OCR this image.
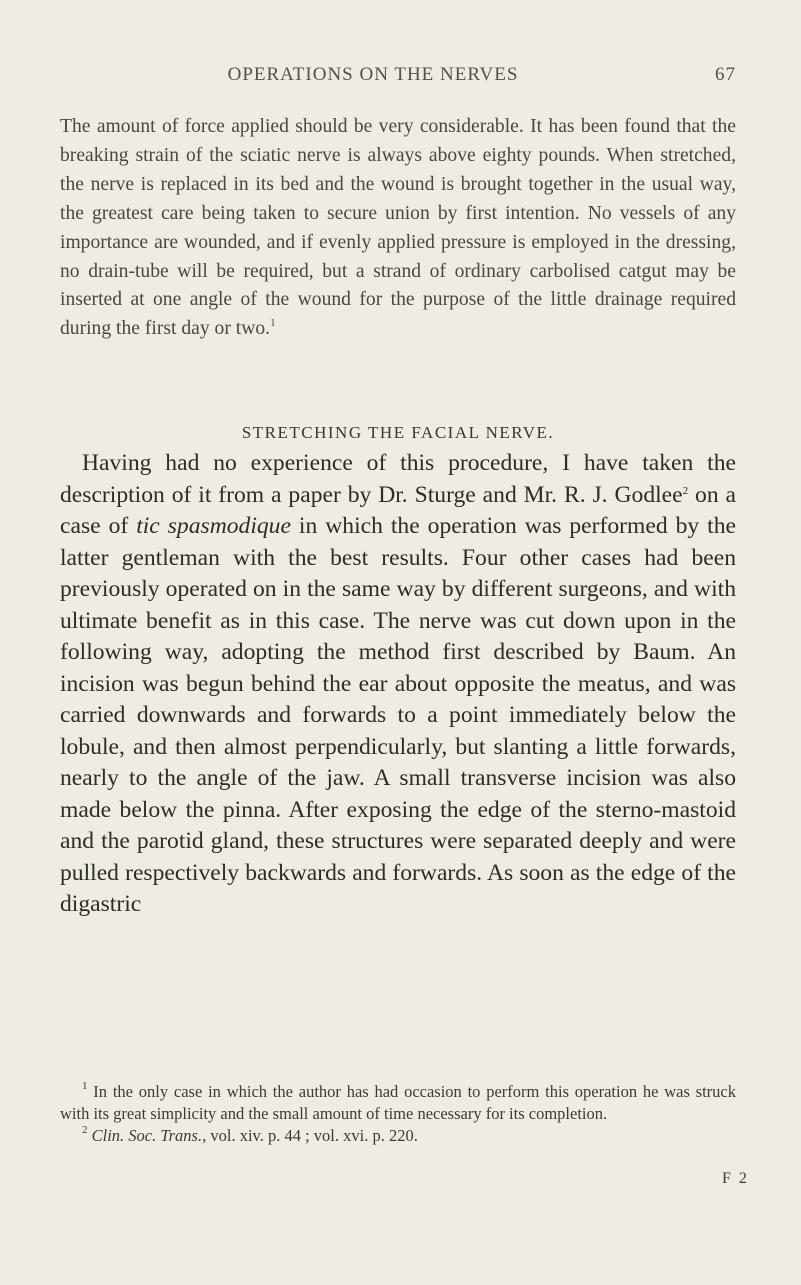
OPERATIONS ON THE NERVES	67
The amount of force applied should be very considerable. It has been found that the breaking strain of the sciatic nerve is always above eighty pounds. When stretched, the nerve is replaced in its bed and the wound is brought together in the usual way, the greatest care being taken to secure union by first intention. No vessels of any importance are wounded, and if evenly applied pressure is employed in the dressing, no drain-tube will be required, but a strand of ordinary carbolised catgut may be inserted at one angle of the wound for the purpose of the little drainage required during the first day or two.$^1$
STRETCHING THE FACIAL NERVE.
Having had no experience of this procedure, I have taken the description of it from a paper by Dr. Sturge and Mr. R. J. Godlee$^2$ on a case of tic spasmodique in which the operation was performed by the latter gentleman with the best results. Four other cases had been previously operated on in the same way by different surgeons, and with ultimate benefit as in this case. The nerve was cut down upon in the following way, adopting the method first described by Baum. An incision was begun behind the ear about opposite the meatus, and was carried downwards and forwards to a point immediately below the lobule, and then almost perpendicularly, but slanting a little forwards, nearly to the angle of the jaw. A small transverse incision was also made below the pinna. After exposing the edge of the sterno-mastoid and the parotid gland, these structures were separated deeply and were pulled respectively backwards and forwards. As soon as the edge of the digastric

$^1$ In the only case in which the author has had occasion to perform this operation he was struck with its great simplicity and the small amount of time necessary for its completion.

$^2$ Clin. Soc. Trans., vol. xiv. p. 44 ; vol. xvi. p. 220.

F 2
